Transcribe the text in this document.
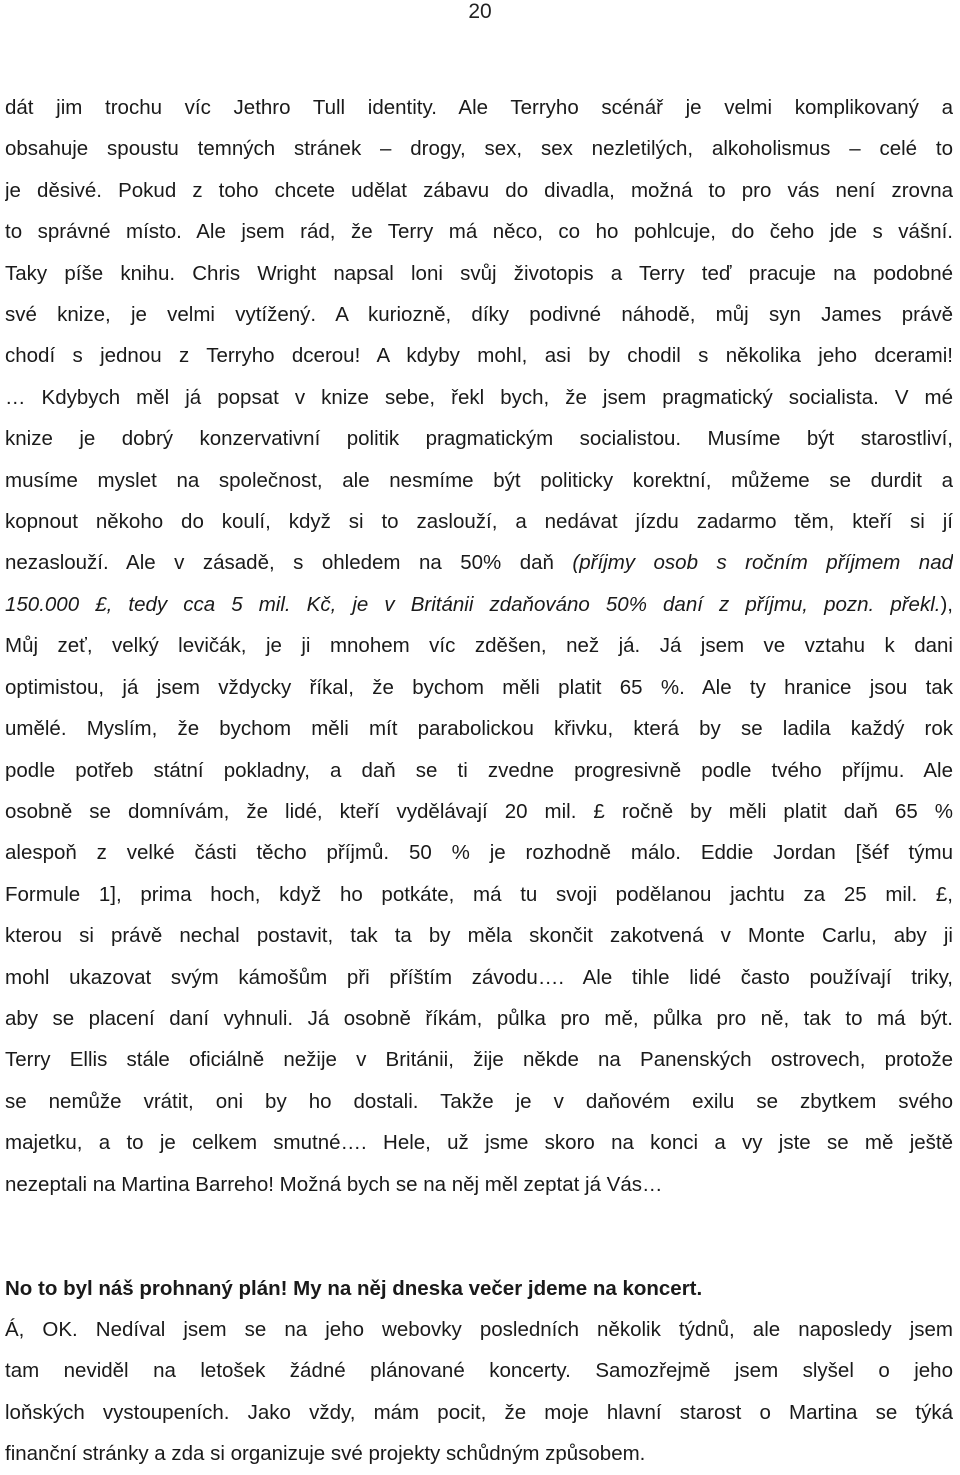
20
dát jim trochu víc Jethro Tull identity. Ale Terryho scénář je velmi komplikovaný a
obsahuje spoustu temných stránek – drogy, sex, sex nezletilých, alkoholismus – celé to
je děsivé. Pokud z toho chcete udělat zábavu do divadla, možná to pro vás není zrovna
to správné místo. Ale jsem rád, že Terry má něco, co ho pohlcuje, do čeho jde s vášní.
Taky píše knihu. Chris Wright napsal loni svůj životopis a Terry teď pracuje na podobné
své knize, je velmi vytížený. A kuriozně, díky podivné náhodě, můj syn James právě
chodí s jednou z Terryho dcerou! A kdyby mohl, asi by chodil s několika jeho dcerami!
… Kdybych měl já popsat v knize sebe, řekl bych, že jsem pragmatický socialista. V mé
knize je dobrý konzervativní politik pragmatickým socialistou. Musíme být starostliví,
musíme myslet na společnost, ale nesmíme být politicky korektní, můžeme se durdit a
kopnout někoho do koulí, když si to zaslouží, a nedávat jízdu zadarmo těm, kteří si jí
nezaslouží. Ale v zásadě, s ohledem na 50% daň (příjmy osob s ročním příjmem nad
150.000 £, tedy cca 5 mil. Kč, je v Británii zdaňováno 50% daní z příjmu, pozn. překl.),
Můj zeť, velký levičák, je ji mnohem víc zděšen, než já. Já jsem ve vztahu k dani
optimistou, já jsem vždycky říkal, že bychom měli platit 65 %. Ale ty hranice jsou tak
umělé. Myslím, že bychom měli mít parabolickou křivku, která by se ladila každý rok
podle potřeb státní pokladny, a daň se ti zvedne progresivně podle tvého příjmu. Ale
osobně se domnívám, že lidé, kteří vydělávají 20 mil. £ ročně by měli platit daň 65 %
alespoň z velké části těcho příjmů. 50 % je rozhodně málo. Eddie Jordan [šéf týmu
Formule 1], prima hoch, když ho potkáte, má tu svoji podělanou jachtu za 25 mil. £,
kterou si právě nechal postavit, tak ta by měla skončit zakotvená v Monte Carlu, aby ji
mohl ukazovat svým kámošům při příštím závodu…. Ale tihle lidé často používají triky,
aby se placení daní vyhnuli. Já osobně říkám, půlka pro mě, půlka pro ně, tak to má být.
Terry Ellis stále oficiálně nežije v Británii, žije někde na Panenských ostrovech, protože
se nemůže vrátit, oni by ho dostali. Takže je v daňovém exilu se zbytkem svého
majetku, a to je celkem smutné…. Hele, už jsme skoro na konci a vy jste se mě ještě
nezeptali na Martina Barreho! Možná bych se na něj měl zeptat já Vás…
No to byl náš prohnaný plán! My na něj dneska večer jdeme na koncert.
Á, OK. Nedíval jsem se na jeho webovky posledních několik týdnů, ale naposledy jsem
tam neviděl na letošek žádné plánované koncerty. Samozřejmě jsem slyšel o jeho
loňských vystoupeních. Jako vždy, mám pocit, že moje hlavní starost o Martina se týká
finanční stránky a zda si organizuje své projekty schůdným způsobem.
